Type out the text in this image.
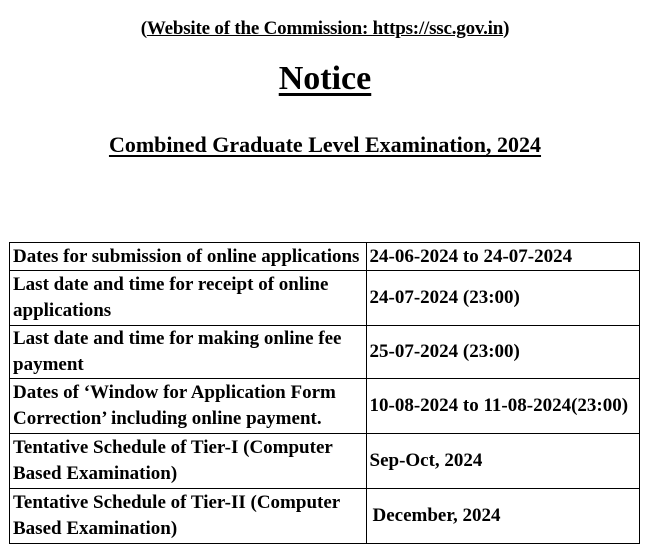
(Website of the Commission: https://ssc.gov.in)
Notice
Combined Graduate Level Examination, 2024
Dates for submission of online applications	24-06-2024 to 24-07-2024
Last date and time for receipt of online applications	24-07-2024 (23:00)
Last date and time for making online fee payment	25-07-2024 (23:00)
Dates of ‘Window for Application Form Correction’ including online payment.	10-08-2024 to 11-08-2024(23:00)
Tentative Schedule of Tier-I (Computer Based Examination)	Sep-Oct, 2024
Tentative Schedule of Tier-II (Computer Based Examination)	December, 2024
